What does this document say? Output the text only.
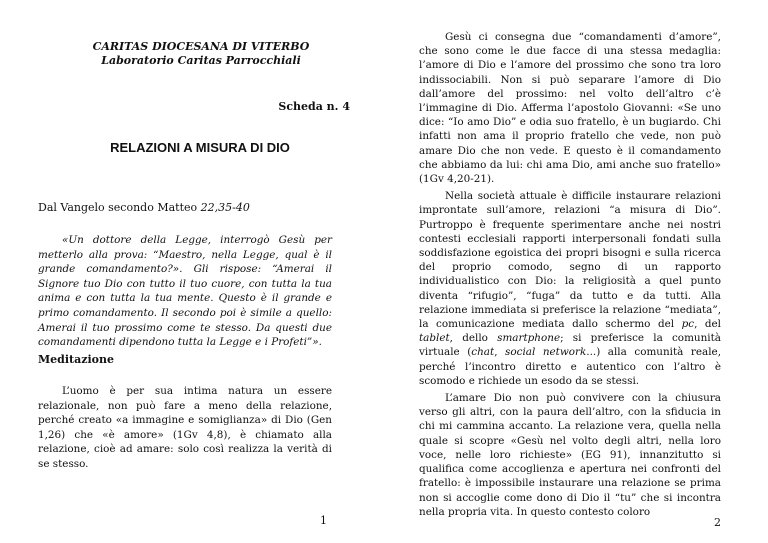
CARITAS DIOCESANA DI VITERBO
Laboratorio Caritas Parrocchiali
Scheda n. 4
RELAZIONI A MISURA DI DIO
Dal Vangelo secondo Matteo 22,35-40

«Un dottore della Legge, interrogò Gesù per metterlo alla prova: “Maestro, nella Legge, qual è il grande comandamento?». Gli rispose: “Amerai il Signore tuo Dio con tutto il tuo cuore, con tutta la tua anima e con tutta la tua mente. Questo è il grande e primo comandamento. Il secondo poi è simile a quello: Amerai il tuo prossimo come te stesso. Da questi due comandamenti dipendono tutta la Legge e i Profeti”».

Meditazione

L’uomo è per sua intima natura un essere relazionale, non può fare a meno della relazione, perché creato «a immagine e somiglianza» di Dio (Gen 1,26) che «è amore» (1Gv 4,8), è chiamato alla relazione, cioè ad amare: solo così realizza la verità di se stesso.

1

Gesù ci consegna due “comandamenti d’amore”, che sono come le due facce di una stessa medaglia: l’amore di Dio e l’amore del prossimo che sono tra loro indissociabili. Non si può separare l’amore di Dio dall’amore del prossimo: nel volto dell’altro c’è l’immagine di Dio. Afferma l’apostolo Giovanni: «Se uno dice: “Io amo Dio” e odia suo fratello, è un bugiardo. Chi infatti non ama il proprio fratello che vede, non può amare Dio che non vede. E questo è il comandamento che abbiamo da lui: chi ama Dio, ami anche suo fratello» (1Gv 4,20-21).

Nella società attuale è difficile instaurare relazioni improntate sull’amore, relazioni “a misura di Dio”. Purtroppo è frequente sperimentare anche nei nostri contesti ecclesiali rapporti interpersonali fondati sulla soddisfazione egoistica dei propri bisogni e sulla ricerca del proprio comodo, segno di un rapporto individualistico con Dio: la religiosità a quel punto diventa “rifugio”, “fuga” da tutto e da tutti. Alla relazione immediata si preferisce la relazione “mediata”, la comunicazione mediata dallo schermo del pc, del tablet, dello smartphone; si preferisce la comunità virtuale (chat, social network...) alla comunità reale, perché l’incontro diretto e autentico con l’altro è scomodo e richiede un esodo da se stessi.

L’amare Dio non può convivere con la chiusura verso gli altri, con la paura dell’altro, con la sfiducia in chi mi cammina accanto. La relazione vera, quella nella quale si scopre «Gesù nel volto degli altri, nella loro voce, nelle loro richieste» (EG 91), innanzitutto si qualifica come accoglienza e apertura nei confronti del fratello: è impossibile instaurare una relazione se prima non si accoglie come dono di Dio il “tu” che si incontra nella propria vita. In questo contesto coloro

2
